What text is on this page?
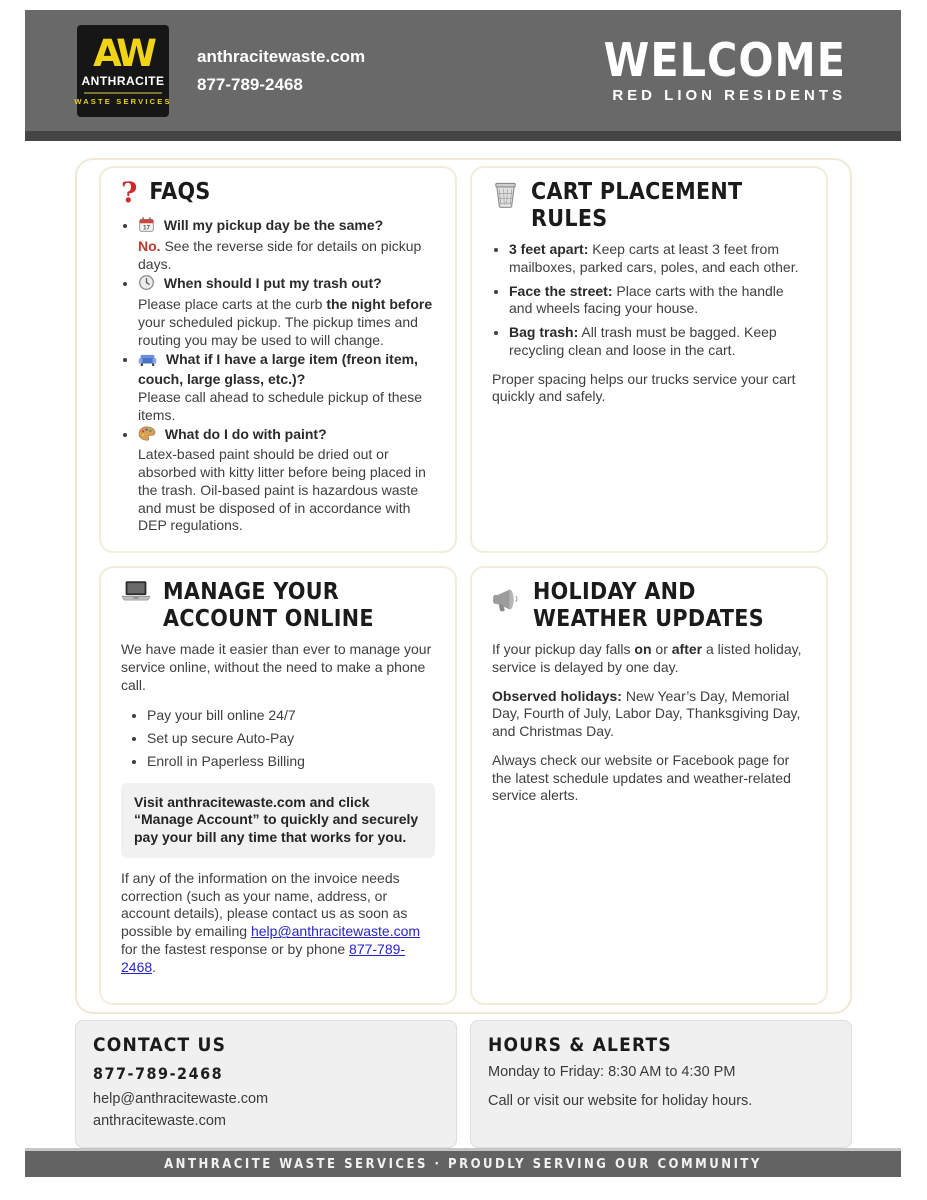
AW
ANTHRACITE
WASTE SERVICES
anthracitewaste.com
877-789-2468	WELCOME
RED LION RESIDENTS
? FAQS
• 17 Will my pickup day be the same?
No. See the reverse side for details on pickup days.
• When should I put my trash out?
Please place carts at the curb the night before your scheduled pickup. The pickup times and routing you may be used to will change.
• What if I have a large item (freon item, couch, large glass, etc.)?
Please call ahead to schedule pickup of these items.
• What do I do with paint?
Latex-based paint should be dried out or absorbed with kitty litter before being placed in the trash. Oil-based paint is hazardous waste and must be disposed of in accordance with DEP regulations.
CART PLACEMENT RULES
• 3 feet apart: Keep carts at least 3 feet from mailboxes, parked cars, poles, and each other.
• Face the street: Place carts with the handle and wheels facing your house.
• Bag trash: All trash must be bagged. Keep recycling clean and loose in the cart.
Proper spacing helps our trucks service your cart quickly and safely.
MANAGE YOUR ACCOUNT ONLINE
We have made it easier than ever to manage your service online, without the need to make a phone call.
• Pay your bill online 24/7
• Set up secure Auto-Pay
• Enroll in Paperless Billing
Visit anthracitewaste.com and click “Manage Account” to quickly and securely pay your bill any time that works for you.
If any of the information on the invoice needs correction (such as your name, address, or account details), please contact us as soon as possible by emailing help@anthracitewaste.com for the fastest response or by phone 877-789-2468.
HOLIDAY AND WEATHER UPDATES
If your pickup day falls on or after a listed holiday, service is delayed by one day.
Observed holidays: New Year’s Day, Memorial Day, Fourth of July, Labor Day, Thanksgiving Day, and Christmas Day.
Always check our website or Facebook page for the latest schedule updates and weather-related service alerts.
CONTACT US
877-789-2468
help@anthracitewaste.com
anthracitewaste.com
HOURS & ALERTS
Monday to Friday: 8:30 AM to 4:30 PM
Call or visit our website for holiday hours.
ANTHRACITE WASTE SERVICES · PROUDLY SERVING OUR COMMUNITY
